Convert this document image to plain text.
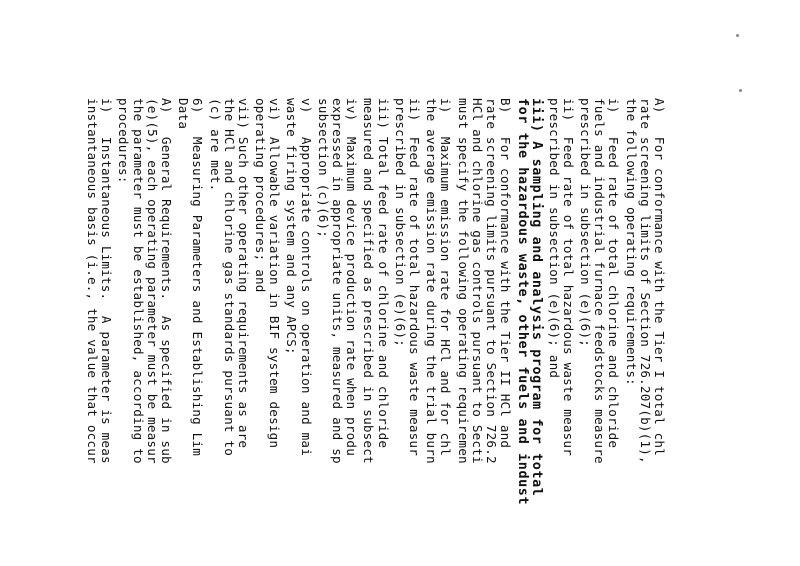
A)   For conformance with the Tier I total chl
rate screening limits of Section 726.207(b)(1),
the following operating requirements:
i)   Feed rate of total chlorine and chloride
fuels and industrial furnace feedstocks measure
prescribed in subsection (e)(6);
ii)  Feed rate of total hazardous waste measur
prescribed in subsection (e)(6); and
iii) A sampling and analysis program for total
for the hazardous waste, other fuels and indust
B)   For conformance with the Tier II HCl and
rate screening limits pursuant to Section 726.2
HCl and chlorine gas controls pursuant to Secti
must specify the following operating requiremen
i)   Maximum emission rate for HCl and for chl
the average emission rate during the trial burn
ii)  Feed rate of total hazardous waste measur
prescribed in subsection (e)(6);
iii) Total feed rate of chlorine and chloride
measured and specified as prescribed in subsect
iv)  Maximum device production rate when produ
expressed in appropriate units, measured and sp
subsection (c)(6);
v)   Appropriate controls on operation and mai
waste firing system and any APCS;
vi)  Allowable variation in BIF system design
operating procedures; and
vii) Such other operating requirements as are
the HCl and chlorine gas standards pursuant to
(c) are met.
6)   Measuring Parameters and Establishing Lim
Data
A)   General Requirements.  As specified in sub
(e)(5), each operating parameter must be measur
the parameter must be established, according to
procedures:
i)   Instantaneous Limits.  A parameter is meas
instantaneous basis (i.e., the value that occur
